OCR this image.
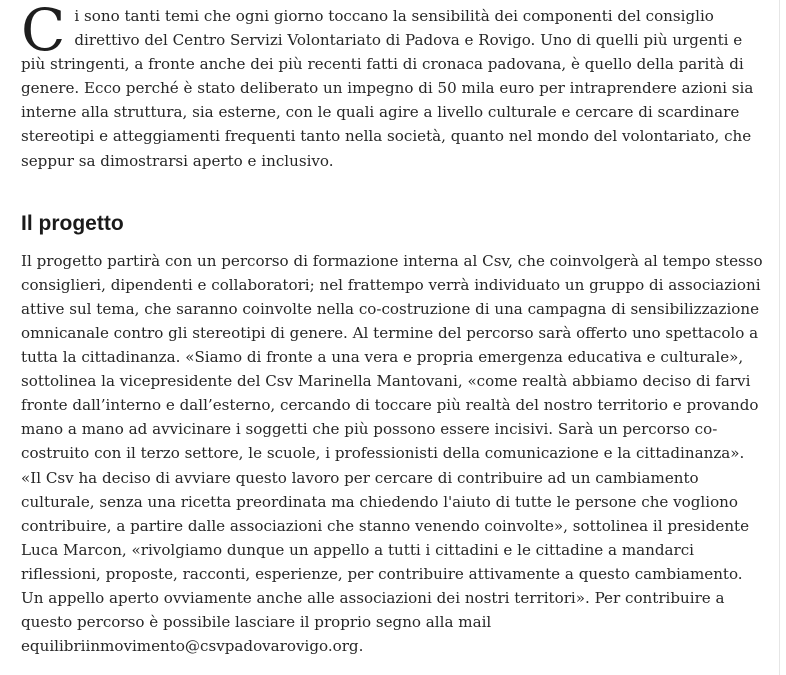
C i sono tanti temi che ogni giorno toccano la sensibilità dei componenti del consiglio direttivo del Centro Servizi Volontariato di Padova e Rovigo. Uno di quelli più urgenti e più stringenti, a fronte anche dei più recenti fatti di cronaca padovana, è quello della parità di genere. Ecco perché è stato deliberato un impegno di 50 mila euro per intraprendere azioni sia interne alla struttura, sia esterne, con le quali agire a livello culturale e cercare di scardinare stereotipi e atteggiamenti frequenti tanto nella società, quanto nel mondo del volontariato, che seppur sa dimostrarsi aperto e inclusivo.

Il progetto

Il progetto partirà con un percorso di formazione interna al Csv, che coinvolgerà al tempo stesso consiglieri, dipendenti e collaboratori; nel frattempo verrà individuato un gruppo di associazioni attive sul tema, che saranno coinvolte nella co-costruzione di una campagna di sensibilizzazione omnicanale contro gli stereotipi di genere. Al termine del percorso sarà offerto uno spettacolo a tutta la cittadinanza. «Siamo di fronte a una vera e propria emergenza educativa e culturale», sottolinea la vicepresidente del Csv Marinella Mantovani, «come realtà abbiamo deciso di farvi fronte dall’interno e dall’esterno, cercando di toccare più realtà del nostro territorio e provando mano a mano ad avvicinare i soggetti che più possono essere incisivi. Sarà un percorso co-costruito con il terzo settore, le scuole, i professionisti della comunicazione e la cittadinanza». «Il Csv ha deciso di avviare questo lavoro per cercare di contribuire ad un cambiamento culturale, senza una ricetta preordinata ma chiedendo l'aiuto di tutte le persone che vogliono contribuire, a partire dalle associazioni che stanno venendo coinvolte», sottolinea il presidente Luca Marcon, «rivolgiamo dunque un appello a tutti i cittadini e le cittadine a mandarci riflessioni, proposte, racconti, esperienze, per contribuire attivamente a questo cambiamento. Un appello aperto ovviamente anche alle associazioni dei nostri territori». Per contribuire a questo percorso è possibile lasciare il proprio segno alla mail equilibriinmovimento@csvpadovarovigo.org.
